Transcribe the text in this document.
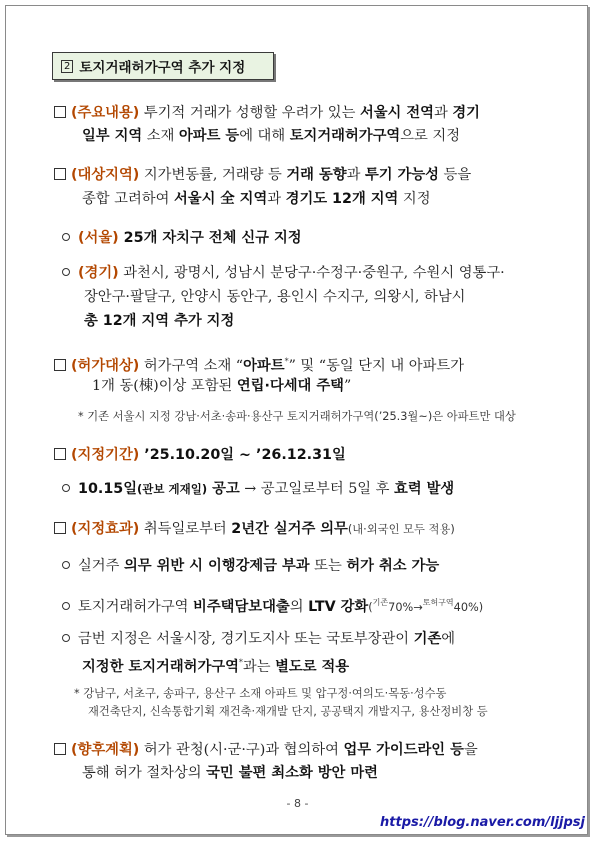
2 토지거래허가구역 추가 지정
(주요내용) 투기적 거래가 성행할 우려가 있는 서울시 전역과 경기
일부 지역 소재 아파트 등에 대해 토지거래허가구역으로 지정
(대상지역) 지가변동률, 거래량 등 거래 동향과 투기 가능성 등을
종합 고려하여 서울시 全 지역과 경기도 12개 지역 지정
(서울) 25개 자치구 전체 신규 지정
(경기) 과천시, 광명시, 성남시 분당구·수정구·중원구, 수원시 영통구·
장안구·팔달구, 안양시 동안구, 용인시 수지구, 의왕시, 하남시
총 12개 지역 추가 지정
(허가대상) 허가구역 소재 “아파트*” 및 “동일 단지 내 아파트가
1개 동(棟)이상 포함된 연립·다세대 주택”
* 기존 서울시 지정 강남·서초·송파·용산구 토지거래허가구역(’25.3월~)은 아파트만 대상
(지정기간) ’25.10.20일 ~ ’26.12.31일
10.15일(관보 게재일) 공고 → 공고일로부터 5일 후 효력 발생
(지정효과) 취득일로부터 2년간 실거주 의무(내·외국인 모두 적용)
실거주 의무 위반 시 이행강제금 부과 또는 허가 취소 가능
토지거래허가구역 비주택담보대출의 LTV 강화($^{기존}$70%→$^{토허구역}$40%)
금번 지정은 서울시장, 경기도지사 또는 국토부장관이 기존에
지정한 토지거래허가구역*과는 별도로 적용
* 강남구, 서초구, 송파구, 용산구 소재 아파트 및 압구정·여의도·목동·성수동
재건축단지, 신속통합기획 재건축·재개발 단지, 공공택지 개발지구, 용산정비창 등
(향후계획) 허가 관청(시·군·구)과 협의하여 업무 가이드라인 등을
통해 허가 절차상의 국민 불편 최소화 방안 마련
- 8 -
https://blog.naver.com/ljjpsj
